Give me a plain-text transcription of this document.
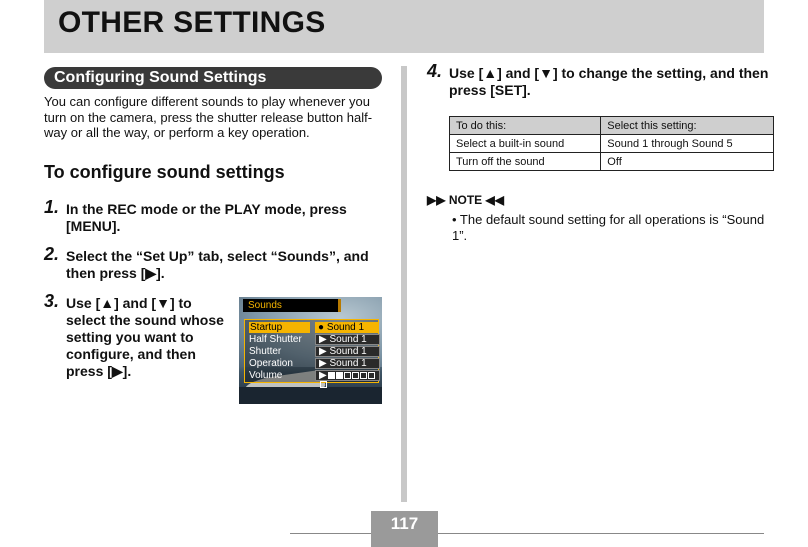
OTHER SETTINGS
Configuring Sound Settings
You can configure different sounds to play whenever you turn on the camera, press the shutter release button half-way or all the way, or perform a key operation.
To configure sound settings
1. In the REC mode or the PLAY mode, press [MENU].
2. Select the “Set Up” tab, select “Sounds”, and then press [▶].
3. Use [▲] and [▼] to select the sound whose setting you want to configure, and then press [▶].
Sounds
Startup	● Sound 1
Half Shutter	▶ Sound 1
Shutter	▶ Sound 1
Operation	▶ Sound 1
Volume	▶
4. Use [▲] and [▼] to change the setting, and then press [SET].
To do this:	Select this setting:
Select a built-in sound	Sound 1 through Sound 5
Turn off the sound	Off
▶▶ NOTE ◀◀
• The default sound setting for all operations is “Sound 1”.
117
